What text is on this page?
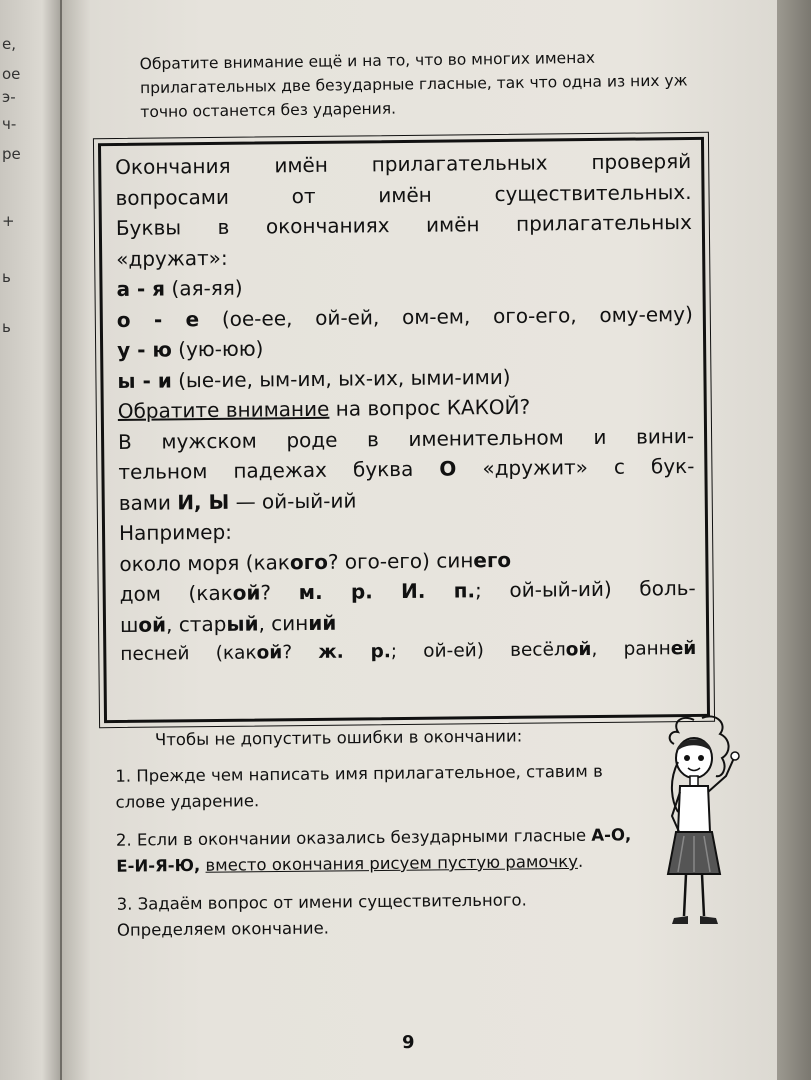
е,
ое
э-
ч-
ре
+
ь
ь

Обратите внимание ещё и на то, что во многих именах прилагательных две безударные гласные, так что одна из них уж точно останется без ударения.

Окончания имён прилагательных проверяй

вопросами от имён существительных.

Буквы в окончаниях имён прилагательных

«дружат»:

а - я (ая-яя)

о - е (ое-ее, ой-ей, ом-ем, ого-его, ому-ему)

у - ю (ую-юю)

ы - и (ые-ие, ым-им, ых-их, ыми-ими)

Обратите внимание на вопрос КАКОЙ?

В мужском роде в именительном и вини-

тельном падежах буква О «дружит» с бук-

вами И, Ы — ой-ый-ий

Например:

около моря (какого? ого-его) синего

дом (какой? м. р. И. п.; ой-ый-ий) боль-

шой, старый, синий

песней (какой? ж. р.; ой-ей) весёлой, ранней

Чтобы не допустить ошибки в окончании:

1. Прежде чем написать имя прилагательное, ставим в слове ударение.

2. Если в окончании оказались безударными гласные А-О, Е-И-Я-Ю, вместо окончания рисуем пустую рамочку.

3. Задаём вопрос от имени существительного. Определяем окончание.

9
